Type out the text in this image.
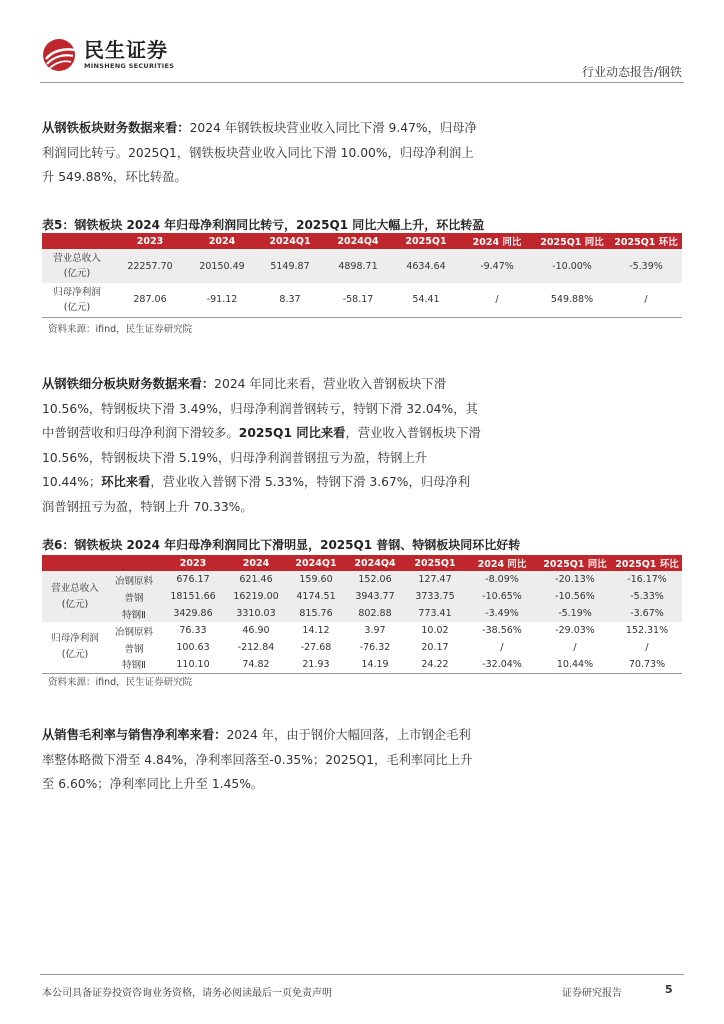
民生证券
MINSHENG SECURITIES	行业动态报告/钢铁

从钢铁板块财务数据来看：2024 年钢铁板块营业收入同比下滑 9.47%，归母净利润同比转亏。2025Q1，钢铁板块营业收入同比下滑 10.00%，归母净利润上升 549.88%，环比转盈。

表5：钢铁板块 2024 年归母净利润同比转亏，2025Q1 同比大幅上升，环比转盈
	2023	2024	2024Q1	2024Q4	2025Q1	2024 同比	2025Q1 同比	2025Q1 环比
营业总收入
(亿元)	22257.70	20150.49	5149.87	4898.71	4634.64	-9.47%	-10.00%	-5.39%
归母净利润
(亿元)	287.06	-91.12	8.37	-58.17	54.41	/	549.88%	/
资料来源：ifind，民生证券研究院

从钢铁细分板块财务数据来看：2024 年同比来看，营业收入普钢板块下滑 10.56%，特钢板块下滑 3.49%，归母净利润普钢转亏，特钢下滑 32.04%，其中普钢营收和归母净利润下滑较多。2025Q1 同比来看，营业收入普钢板块下滑 10.56%，特钢板块下滑 5.19%，归母净利润普钢扭亏为盈，特钢上升 10.44%；环比来看，营业收入普钢下滑 5.33%，特钢下滑 3.67%，归母净利润普钢扭亏为盈，特钢上升 70.33%。

表6：钢铁板块 2024 年归母净利润同比下滑明显，2025Q1 普钢、特钢板块同环比好转
		2023	2024	2024Q1	2024Q4	2025Q1	2024 同比	2025Q1 同比	2025Q1 环比
营业总收入
(亿元)	冶钢原料	676.17	621.46	159.60	152.06	127.47	-8.09%	-20.13%	-16.17%
	普钢	18151.66	16219.00	4174.51	3943.77	3733.75	-10.65%	-10.56%	-5.33%
	特钢Ⅱ	3429.86	3310.03	815.76	802.88	773.41	-3.49%	-5.19%	-3.67%
归母净利润
(亿元)	冶钢原料	76.33	46.90	14.12	3.97	10.02	-38.56%	-29.03%	152.31%
	普钢	100.63	-212.84	-27.68	-76.32	20.17	/	/	/
	特钢Ⅱ	110.10	74.82	21.93	14.19	24.22	-32.04%	10.44%	70.73%
资料来源：ifind，民生证券研究院

从销售毛利率与销售净利率来看：2024 年，由于钢价大幅回落，上市钢企毛利率整体略微下滑至 4.84%，净利率回落至-0.35%；2025Q1，毛利率同比上升至 6.60%；净利率同比上升至 1.45%。

本公司具备证券投资咨询业务资格，请务必阅读最后一页免责声明	证券研究报告	5
